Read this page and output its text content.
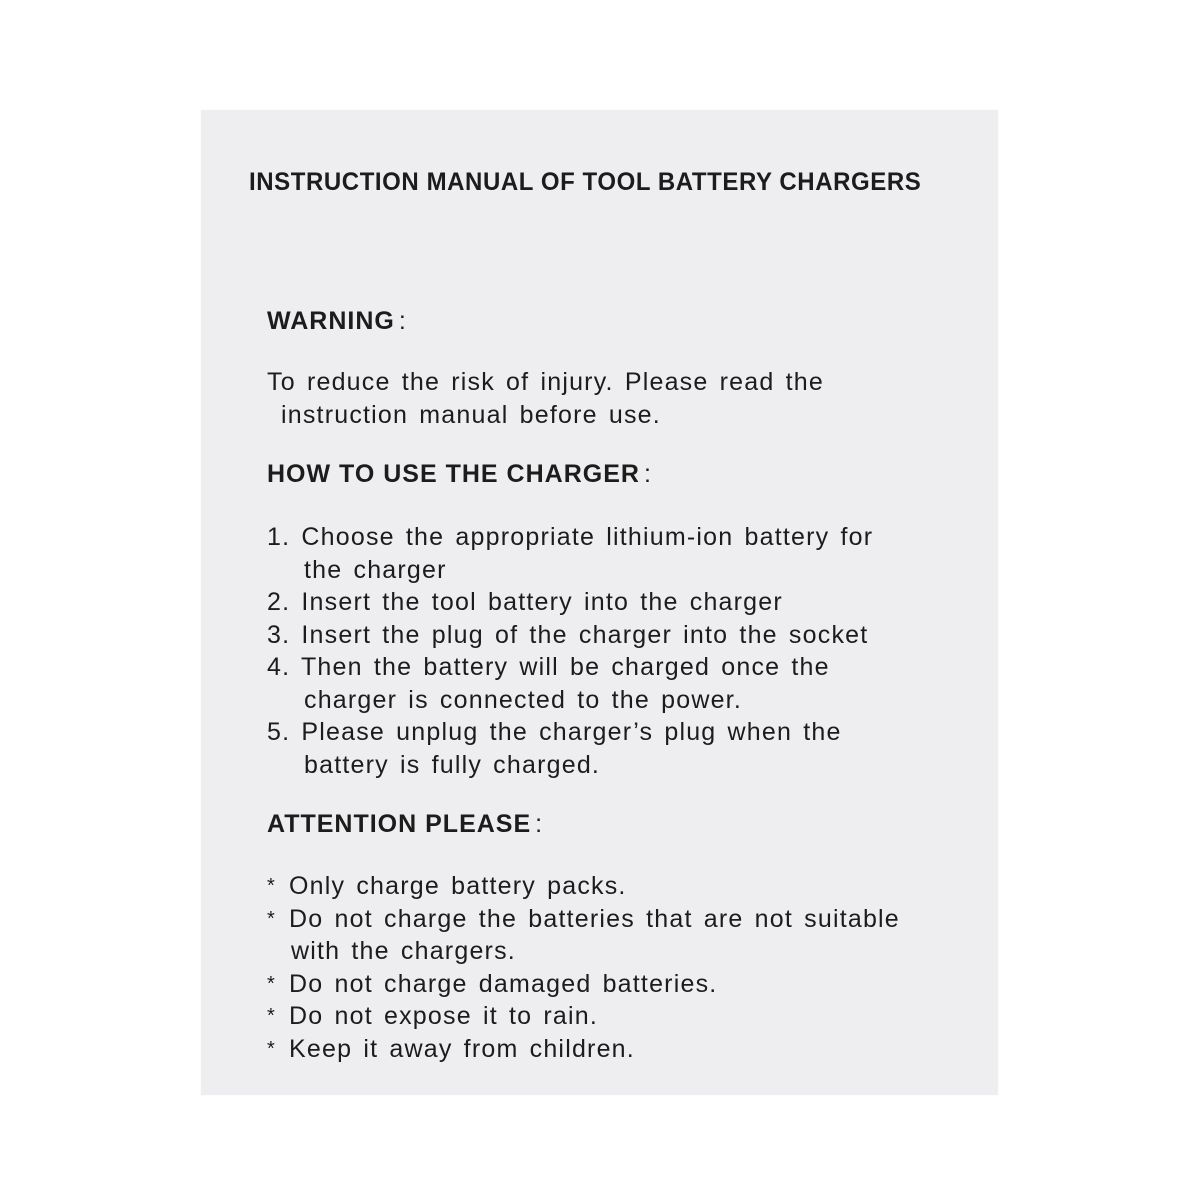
INSTRUCTION MANUAL OF TOOL BATTERY CHARGERS
WARNING :
To reduce the risk of injury. Please read the
instruction manual before use.
HOW TO USE THE CHARGER :
1. Choose the appropriate lithium-ion battery for
the charger
2. Insert the tool battery into the charger
3. Insert the plug of the charger into the socket
4. Then the battery will be charged once the
charger is connected to the power.
5. Please unplug the charger’s plug when the
battery is fully charged.
ATTENTION PLEASE :
* Only charge battery packs.
* Do not charge the batteries that are not suitable
with the chargers.
* Do not charge damaged batteries.
* Do not expose it to rain.
* Keep it away from children.
